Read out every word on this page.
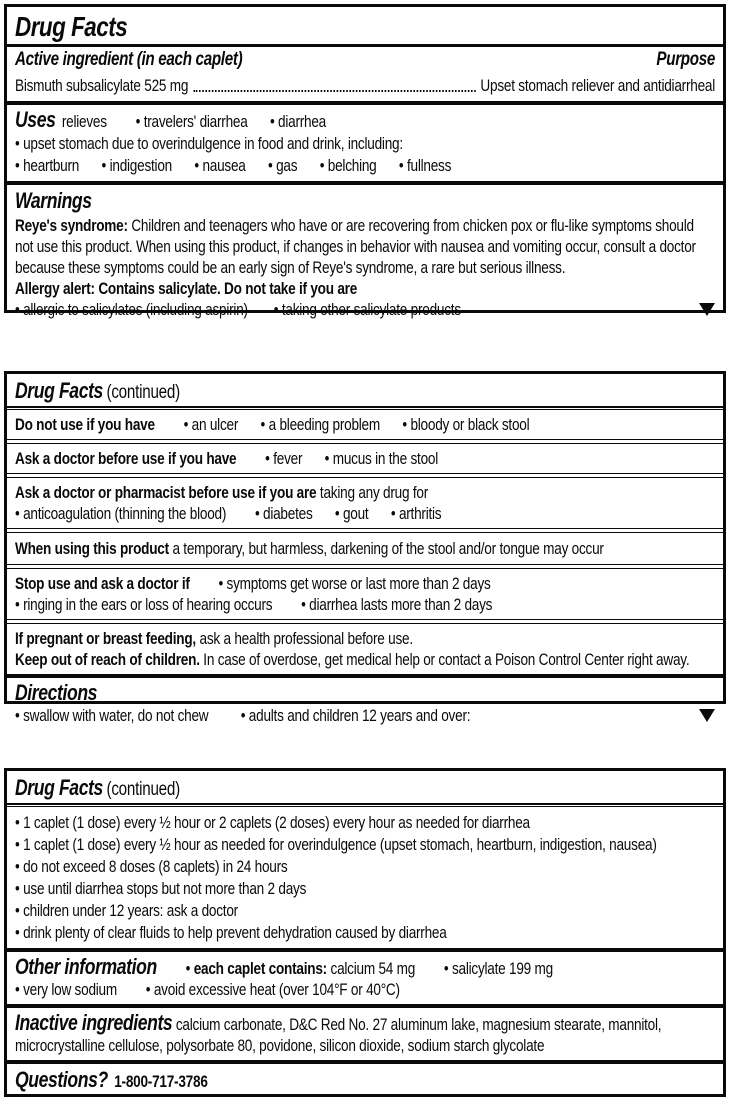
Drug Facts
Active ingredient (in each caplet)	Purpose
Bismuth subsalicylate 525 mg	Upset stomach reliever and antidiarrheal
Uses relieves	• travelers' diarrhea	• diarrhea
• upset stomach due to overindulgence in food and drink, including:
• heartburn	• indigestion	• nausea	• gas	• belching	• fullness
Warnings
Reye's syndrome: Children and teenagers who have or are recovering from chicken pox or flu-like symptoms should not use this product. When using this product, if changes in behavior with nausea and vomiting occur, consult a doctor because these symptoms could be an early sign of Reye's syndrome, a rare but serious illness.
Allergy alert: Contains salicylate. Do not take if you are
• allergic to salicylates (including aspirin) • taking other salicylate products
Drug Facts (continued)
Do not use if you have	• an ulcer	• a bleeding problem	• bloody or black stool
Ask a doctor before use if you have	• fever	• mucus in the stool
Ask a doctor or pharmacist before use if you are taking any drug for
• anticoagulation (thinning the blood)	• diabetes	• gout	• arthritis
When using this product a temporary, but harmless, darkening of the stool and/or tongue may occur
Stop use and ask a doctor if	• symptoms get worse or last more than 2 days
• ringing in the ears or loss of hearing occurs	• diarrhea lasts more than 2 days
If pregnant or breast feeding, ask a health professional before use.
Keep out of reach of children. In case of overdose, get medical help or contact a Poison Control Center right away.
Directions
• swallow with water, do not chew • adults and children 12 years and over:
Drug Facts (continued)
• 1 caplet (1 dose) every ½ hour or 2 caplets (2 doses) every hour as needed for diarrhea
• 1 caplet (1 dose) every ½ hour as needed for overindulgence (upset stomach, heartburn, indigestion, nausea)
• do not exceed 8 doses (8 caplets) in 24 hours
• use until diarrhea stops but not more than 2 days
• children under 12 years: ask a doctor
• drink plenty of clear fluids to help prevent dehydration caused by diarrhea
Other information	• each caplet contains: calcium 54 mg	• salicylate 199 mg
• very low sodium	• avoid excessive heat (over 104°F or 40°C)
Inactive ingredients calcium carbonate, D&C Red No. 27 aluminum lake, magnesium stearate, mannitol, microcrystalline cellulose, polysorbate 80, povidone, silicon dioxide, sodium starch glycolate
Questions? 1-800-717-3786
